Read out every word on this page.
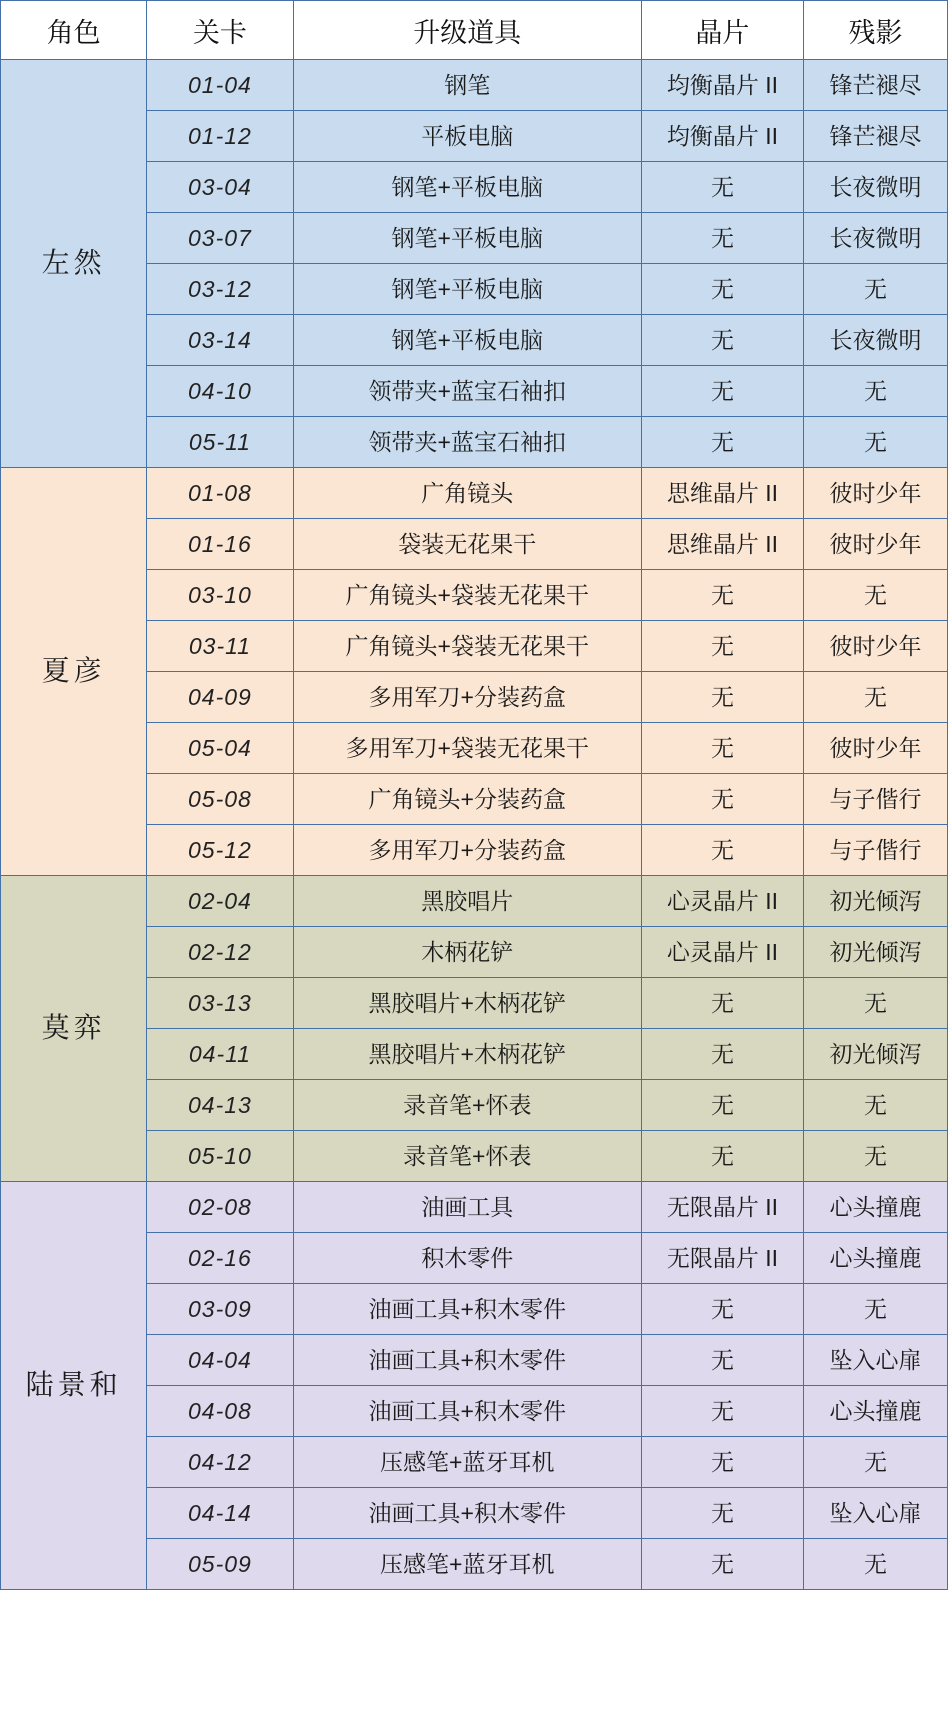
角色	关卡	升级道具	晶片	残影
左然	01-04	钢笔	均衡晶片 II	锋芒褪尽
	01-12	平板电脑	均衡晶片 II	锋芒褪尽
	03-04	钢笔+平板电脑	无	长夜微明
	03-07	钢笔+平板电脑	无	长夜微明
	03-12	钢笔+平板电脑	无	无
	03-14	钢笔+平板电脑	无	长夜微明
	04-10	领带夹+蓝宝石袖扣	无	无
	05-11	领带夹+蓝宝石袖扣	无	无
夏彦	01-08	广角镜头	思维晶片 II	彼时少年
	01-16	袋装无花果干	思维晶片 II	彼时少年
	03-10	广角镜头+袋装无花果干	无	无
	03-11	广角镜头+袋装无花果干	无	彼时少年
	04-09	多用军刀+分装药盒	无	无
	05-04	多用军刀+袋装无花果干	无	彼时少年
	05-08	广角镜头+分装药盒	无	与子偕行
	05-12	多用军刀+分装药盒	无	与子偕行
莫弈	02-04	黑胶唱片	心灵晶片 II	初光倾泻
	02-12	木柄花铲	心灵晶片 II	初光倾泻
	03-13	黑胶唱片+木柄花铲	无	无
	04-11	黑胶唱片+木柄花铲	无	初光倾泻
	04-13	录音笔+怀表	无	无
	05-10	录音笔+怀表	无	无
陆景和	02-08	油画工具	无限晶片 II	心头撞鹿
	02-16	积木零件	无限晶片 II	心头撞鹿
	03-09	油画工具+积木零件	无	无
	04-04	油画工具+积木零件	无	坠入心扉
	04-08	油画工具+积木零件	无	心头撞鹿
	04-12	压感笔+蓝牙耳机	无	无
	04-14	油画工具+积木零件	无	坠入心扉
	05-09	压感笔+蓝牙耳机	无	无
